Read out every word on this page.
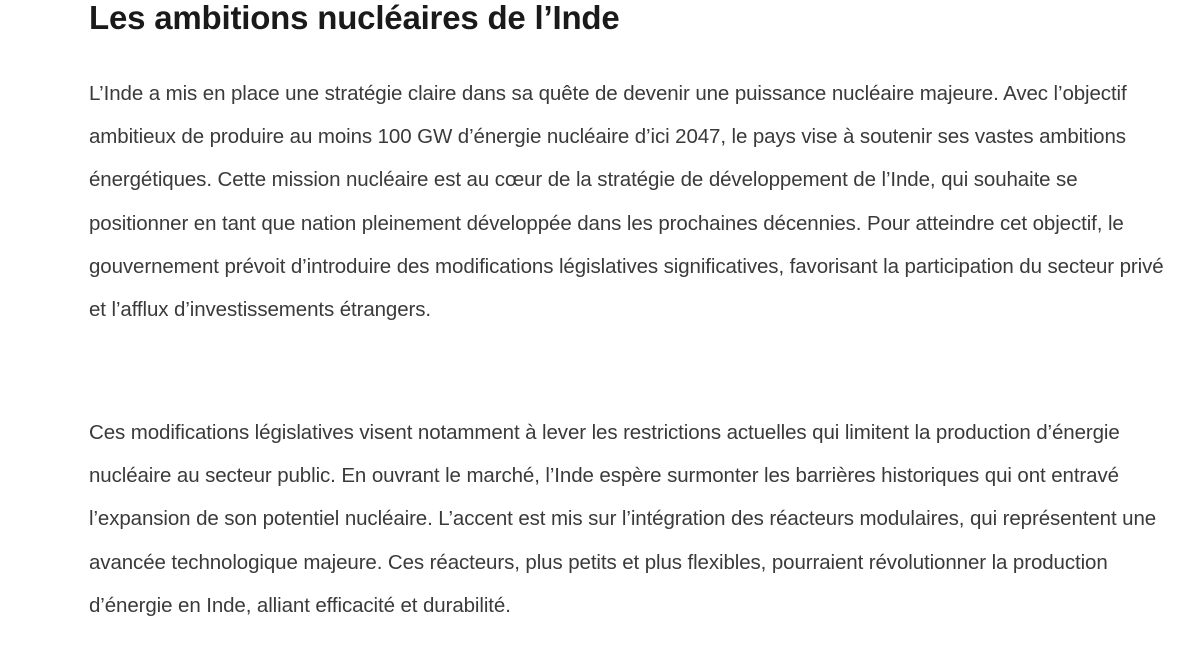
Les ambitions nucléaires de l’Inde

L’Inde a mis en place une stratégie claire dans sa quête de devenir une puissance nucléaire majeure. Avec l’objectif ambitieux de produire au moins 100 GW d’énergie nucléaire d’ici 2047, le pays vise à soutenir ses vastes ambitions énergétiques. Cette mission nucléaire est au cœur de la stratégie de développement de l’Inde, qui souhaite se positionner en tant que nation pleinement développée dans les prochaines décennies. Pour atteindre cet objectif, le gouvernement prévoit d’introduire des modifications législatives significatives, favorisant la participation du secteur privé et l’afflux d’investissements étrangers.

Ces modifications législatives visent notamment à lever les restrictions actuelles qui limitent la production d’énergie nucléaire au secteur public. En ouvrant le marché, l’Inde espère surmonter les barrières historiques qui ont entravé l’expansion de son potentiel nucléaire. L’accent est mis sur l’intégration des réacteurs modulaires, qui représentent une avancée technologique majeure. Ces réacteurs, plus petits et plus flexibles, pourraient révolutionner la production d’énergie en Inde, alliant efficacité et durabilité.
